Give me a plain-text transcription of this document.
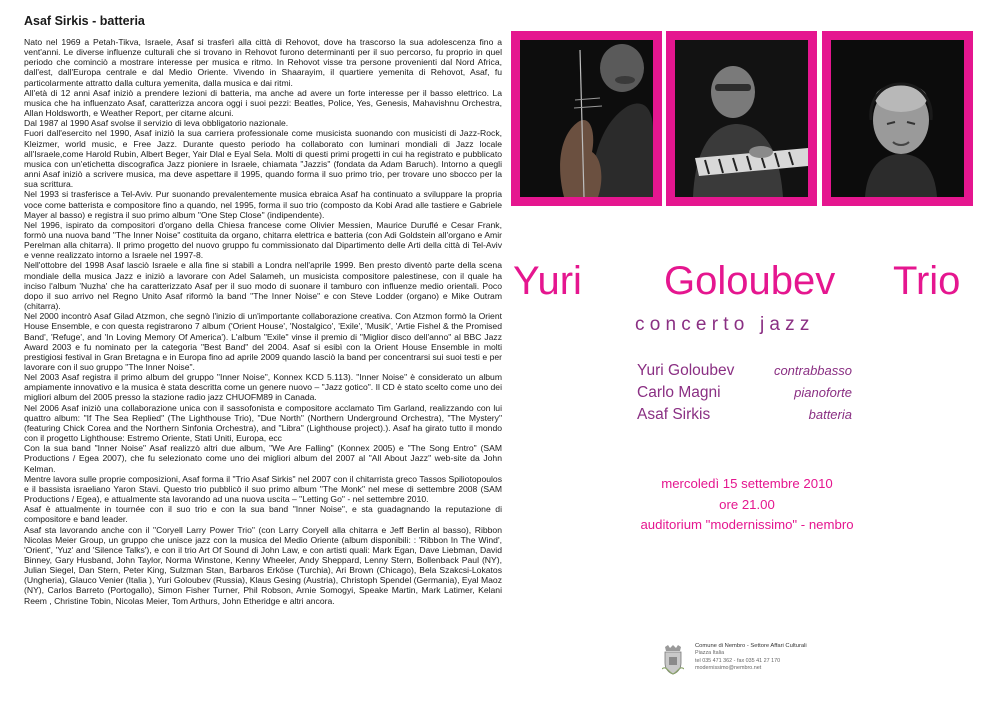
Asaf Sirkis - batteria

Nato nel 1969 a Petah-Tikva, Israele, Asaf si trasferì alla città di Rehovot, dove ha trascorso la sua adolescenza fino a vent'anni. Le diverse influenze culturali che si trovano in Rehovot furono determinanti per il suo percorso, fu proprio in quel periodo che cominciò a mostrare interesse per musica e ritmo. In Rehovot visse tra persone provenienti dal Nord Africa, dall'est, dall'Europa centrale e dal Medio Oriente. Vivendo in Shaarayim, il quartiere yemenita di Rehovot, Asaf, fu particolarmente attratto dalla cultura yemenita, dalla musica e dai ritmi.

All'età di 12 anni Asaf iniziò a prendere lezioni di batteria, ma anche ad avere un forte interesse per il basso elettrico. La musica che ha influenzato Asaf, caratterizza ancora oggi i suoi pezzi: Beatles, Police, Yes, Genesis, Mahavishnu Orchestra, Allan Holdsworth, e Weather Report, per citarne alcuni.

Dal 1987 al 1990 Asaf svolse il servizio di leva obbligatorio nazionale.

Fuori dall'esercito nel 1990, Asaf iniziò la sua carriera professionale come musicista suonando con musicisti di Jazz-Rock, Kleizmer, world music, e Free Jazz. Durante questo periodo ha collaborato con luminari mondiali di Jazz locale all'Israele,come Harold Rubin, Albert Beger, Yair Dlal e Eyal Sela. Molti di questi primi progetti in cui ha registrato e pubblicato musica con un'etichetta discografica Jazz pioniere in Israele, chiamata "Jazzis" (fondata da Adam Baruch). Intorno a quegli anni Asaf iniziò a scrivere musica, ma deve aspettare il 1995, quando forma il suo primo trio, per trovare uno sbocco per la sua scrittura.

Nel 1993 si trasferisce a Tel-Aviv. Pur suonando prevalentemente musica ebraica Asaf ha continuato a sviluppare la propria voce come batterista e compositore fino a quando, nel 1995, forma il suo trio (composto da Kobi Arad alle tastiere e Gabriele Mayer al basso) e registra il suo primo album "One Step Close" (indipendente).

Nel 1996, ispirato da compositori d'organo della Chiesa francese come Olivier Messien, Maurice Duruflé e Cesar Frank, formò una nuova band "The Inner Noise" costituita da organo, chitarra elettrica e batteria (con Adi Goldstein all'organo e Amir Perelman alla chitarra). Il primo progetto del nuovo gruppo fu commissionato dal Dipartimento delle Arti della città di Tel-Aviv e venne realizzato intorno a Israele nel 1997-8.

Nell'ottobre del 1998 Asaf lasciò Israele e alla fine si stabilì a Londra nell'aprile 1999. Ben presto diventò parte della scena mondiale della musica Jazz e iniziò a lavorare con Adel Salameh, un musicista compositore palestinese, con il quale ha inciso l'album 'Nuzha' che ha caratterizzato Asaf per il suo modo di suonare il tamburo con influenze medio orientali. Poco dopo il suo arrivo nel Regno Unito Asaf riformò la band "The Inner Noise" e con Steve Lodder (organo) e Mike Outram (chitarra).

Nel 2000 incontrò Asaf Gilad Atzmon, che segnò l'inizio di un'importante collaborazione creativa. Con Atzmon formò la Orient House Ensemble, e con questa registrarono 7 album ('Orient House', 'Nostalgico', 'Exile', 'Musik', 'Artie Fishel & the Promised Band', 'Refuge', and 'In Loving Memory Of America'). L'album "Exile" vinse il premio di "Miglior disco dell'anno" al BBC Jazz Award 2003 e fu nominato per la categoria "Best Band" del 2004. Asaf si esibì con la Orient House Ensemble in molti prestigiosi festival in Gran Bretagna e in Europa fino ad aprile 2009 quando lasciò la band per concentrarsi sui suoi testi e per lavorare con il suo gruppo "The Inner Noise".

Nel 2003 Asaf registra il primo album del gruppo "Inner Noise", Konnex KCD 5.113). "Inner Noise" è considerato un album ampiamente innovativo e la musica è stata descritta come un genere nuovo – "Jazz gotico". Il CD è stato scelto come uno dei migliori album del 2005 presso la stazione radio jazz CHUOFM89 in Canada.

Nel 2006 Asaf iniziò una collaborazione unica con il sassofonista e compositore acclamato Tim Garland, realizzando con lui quattro album: "If The Sea Replied" (The Lighthouse Trio), "Due North" (Northern Underground Orchestra), "The Mystery" (featuring Chick Corea and the Northern Sinfonia Orchestra), and "Libra" (Lighthouse project).). Asaf ha girato tutto il mondo con il progetto Lighthouse: Estremo Oriente, Stati Uniti, Europa, ecc

Con la sua band "Inner Noise" Asaf realizzò altri due album, "We Are Falling" (Konnex 2005) e "The Song Entro" (SAM Productions / Egea 2007), che fu selezionato come uno dei migliori album del 2007 al "All About Jazz" web-site da John Kelman.

Mentre lavora sulle proprie composizioni, Asaf forma il "Trio Asaf Sirkis" nel 2007 con il chitarrista greco Tassos Spiliotopoulos e il bassista israeliano Yaron Stavi. Questo trio pubblicò il suo primo album "The Monk" nel mese di settembre 2008 (SAM Productions / Egea), e attualmente sta lavorando ad una nuova uscita – "Letting Go" - nel settembre 2010.

Asaf è attualmente in tournée con il suo trio e con la sua band "Inner Noise", e sta guadagnando la reputazione di compositore e band leader.

Asaf sta lavorando anche con il "Coryell Larry Power Trio" (con Larry Coryell alla chitarra e Jeff Berlin al basso), Ribbon Nicolas Meier Group, un gruppo che unisce jazz con la musica del Medio Oriente (album disponibili: : 'Ribbon In The Wind', 'Orient', 'Yuz' and 'Silence Talks'), e con il trio Art Of Sound di John Law, e con artisti quali: Mark Egan, Dave Liebman, David Binney, Gary Husband, John Taylor, Norma Winstone, Kenny Wheeler, Andy Sheppard, Lenny Stern, Bollenback Paul (NY), Julian Siegel, Dan Stern, Peter King, Sulzman Stan, Barbaros Erköse (Turchia), Ari Brown (Chicago), Bela Szakcsi-Lokatos (Ungheria), Glauco Venier (Italia ), Yuri Goloubev (Russia), Klaus Gesing (Austria), Christoph Spendel (Germania), Eyal Maoz (NY), Carlos Barreto (Portogallo), Simon Fisher Turner, Phil Robson, Arnie Somogyi, Speake Martin, Mark Latimer, Kelani Reem , Christine Tobin, Nicolas Meier, Tom Arthurs, John Etheridge e altri ancora.

Yuri Goloubev Trio
concerto jazz
Yuri Goloubev	contrabbasso
Carlo Magni	pianoforte
Asaf Sirkis	batteria
mercoledì 15 settembre 2010
ore 21.00
auditorium "modernissimo" - nembro
Comune di Nembro - Settore Affari Culturali
Piazza Italia
tel 035 471 362 - fax 035 41 27 170
modernissimo@nembro.net
